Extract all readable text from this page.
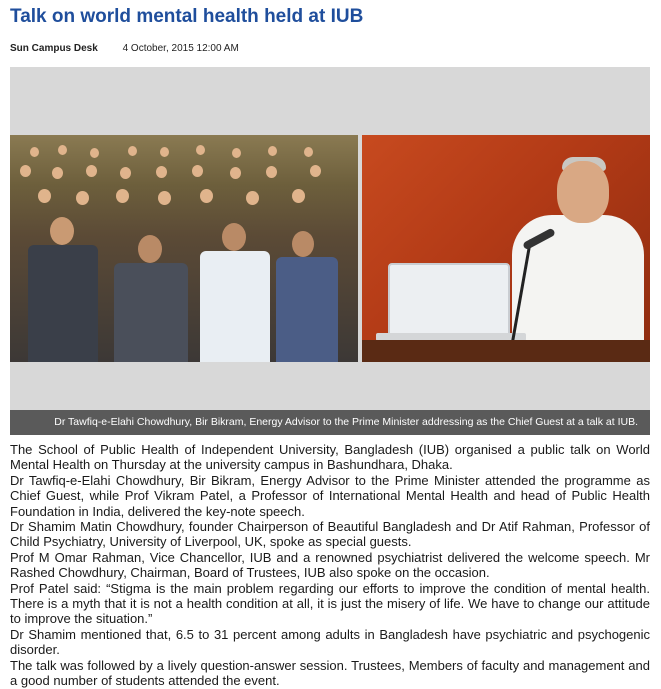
Talk on world mental health held at IUB
Sun Campus Desk 4 October, 2015 12:00 AM
Dr Tawfiq-e-Elahi Chowdhury, Bir Bikram, Energy Advisor to the Prime Minister addressing as the Chief Guest at a talk at IUB.

The School of Public Health of Independent University, Bangladesh (IUB) organised a public talk on World Mental Health on Thursday at the university campus in Bashundhara, Dhaka.

Dr Tawfiq-e-Elahi Chowdhury, Bir Bikram, Energy Advisor to the Prime Minister attended the programme as Chief Guest, while Prof Vikram Patel, a Professor of International Mental Health and head of Public Health Foundation in India, delivered the key-note speech.

Dr Shamim Matin Chowdhury, founder Chairperson of Beautiful Bangladesh and Dr Atif Rahman, Professor of Child Psychiatry, University of Liverpool, UK, spoke as special guests.

Prof M Omar Rahman, Vice Chancellor, IUB and a renowned psychiatrist delivered the welcome speech. Mr Rashed Chowdhury, Chairman, Board of Trustees, IUB also spoke on the occasion.

Prof Patel said: “Stigma is the main problem regarding our efforts to improve the condition of mental health. There is a myth that it is not a health condition at all, it is just the misery of life. We have to change our attitude to improve the situation.”

Dr Shamim mentioned that, 6.5 to 31 percent among adults in Bangladesh have psychiatric and psychogenic disorder.

The talk was followed by a lively question-answer session. Trustees, Members of faculty and management and a good number of students attended the event.
